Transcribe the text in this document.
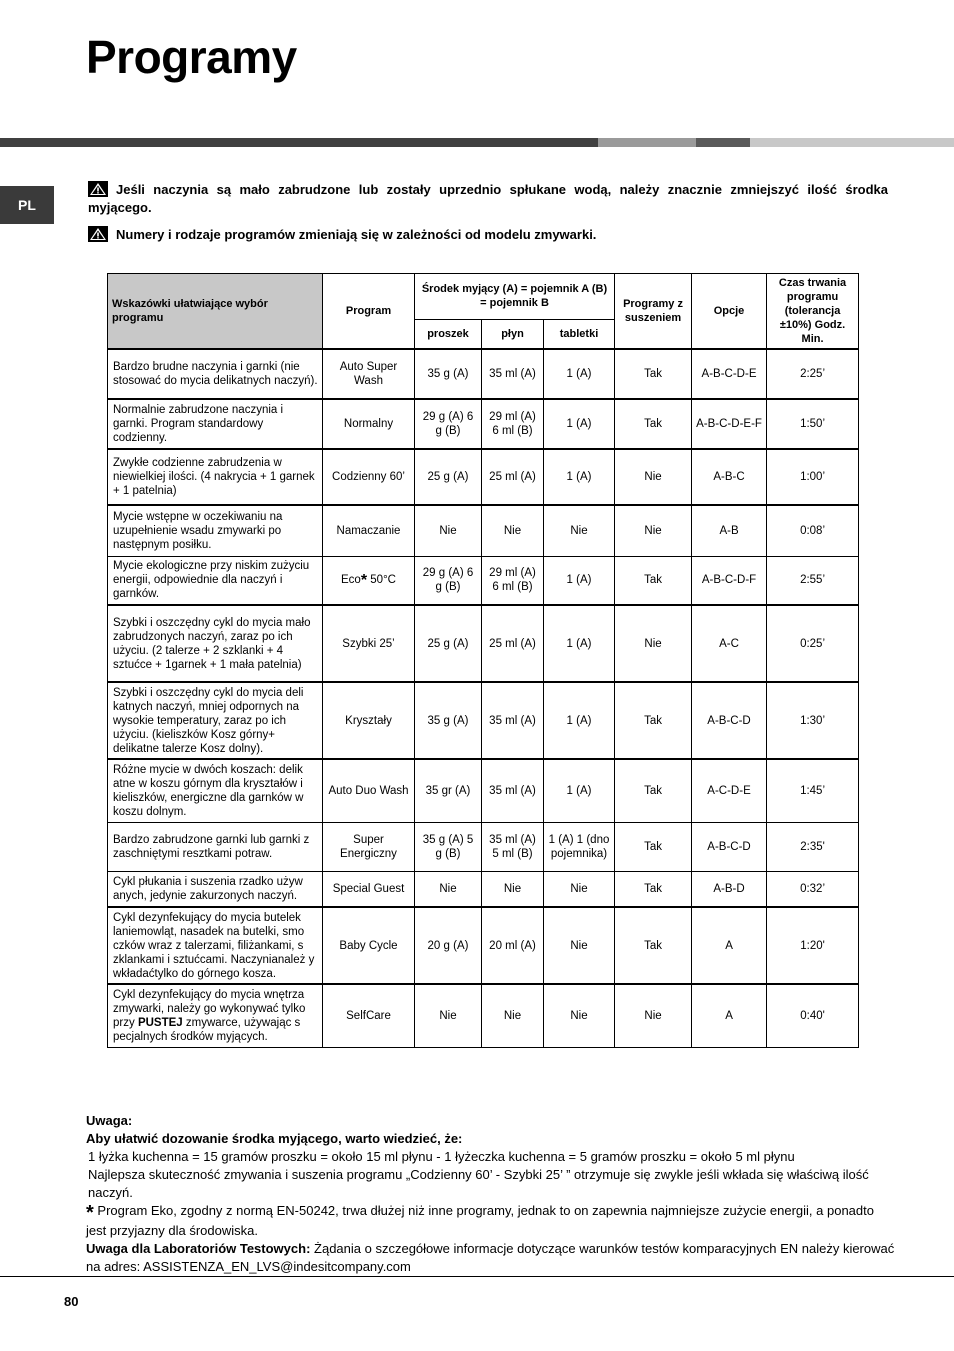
Programy
PL
Jeśli naczynia są mało zabrudzone lub zostały uprzednio spłukane wodą, należy znacznie zmniejszyć ilość środka myjącego.
Numery i rodzaje programów zmieniają się w zależności od modelu zmywarki.
Wskazówki ułatwiające wybór programu	Program	Środek myjący (A) = pojemnik A (B) = pojemnik B			Programy z suszeniem	Opcje	Czas trwania programu (tolerancja ±10%) Godz. Min.
		proszek	płyn	tabletki			
Bardzo brudne naczynia i garnki (nie stosować do mycia delikatnych naczyń).	Auto Super Wash	35 g (A)	35 ml (A)	1 (A)	Tak	A-B-C-D-E	2:25’
Normalnie zabrudzone naczynia i garnki. Program standardowy codzienny.	Normalny	29 g (A) 6 g (B)	29 ml (A) 6 ml (B)	1 (A)	Tak	A-B-C-D-E-F	1:50’
Zwykłe codzienne zabrudzenia w niewielkiej ilości. (4 nakrycia + 1 garnek + 1 patelnia)	Codzienny 60’	25 g (A)	25 ml (A)	1 (A)	Nie	A-B-C	1:00’
Mycie wstępne w oczekiwaniu na uzupełnienie wsadu zmywarki po następnym posiłku.	Namaczanie	Nie	Nie	Nie	Nie	A-B	0:08’
Mycie ekologiczne przy niskim zużyciu energii, odpowiednie dla naczyń i garnków.	Eco* 50°C	29 g (A) 6 g (B)	29 ml (A) 6 ml (B)	1 (A)	Tak	A-B-C-D-F	2:55’
Szybki i oszczędny cykl do mycia mało zabrudzonych naczyń, zaraz po ich użyciu. (2 talerze + 2 szklanki + 4 sztućce + 1garnek + 1 mała patelnia)	Szybki 25’	25 g (A)	25 ml (A)	1 (A)	Nie	A-C	0:25’
Szybki i oszczędny cykl do mycia deli katnych naczyń, mniej odpornych na wysokie temperatury, zaraz po ich użyciu. (kieliszków Kosz górny+ delikatne talerze Kosz dolny).	Kryształy	35 g (A)	35 ml (A)	1 (A)	Tak	A-B-C-D	1:30’
Różne mycie w dwóch koszach: delik atne w koszu górnym dla kryształów i kieliszków, energiczne dla garnków w koszu dolnym.	Auto Duo Wash	35 gr (A)	35 ml (A)	1 (A)	Tak	A-C-D-E	1:45’
Bardzo zabrudzone garnki lub garnki z zaschniętymi resztkami potraw.	Super Energiczny	35 g (A) 5 g (B)	35 ml (A) 5 ml (B)	1 (A) 1 (dno pojemnika)	Tak	A-B-C-D	2:35'
Cykl płukania i suszenia rzadko używ anych, jedynie zakurzonych naczyń.	Special Guest	Nie	Nie	Nie	Tak	A-B-D	0:32’
Cykl dezynfekujący do mycia butelek laniemowląt, nasadek na butelki, smo czków wraz z talerzami, filiżankami, s zklankami i sztućcami. Naczynianależ y wkładaćtylko do górnego kosza.	Baby Cycle	20 g (A)	20 ml (A)	Nie	Tak	A	1:20'
Cykl dezynfekujący do mycia wnętrza zmywarki, należy go wykonywać tylko przy PUSTEJ zmywarce, używając s pecjalnych środków myjących.	SelfCare	Nie	Nie	Nie	Nie	A	0:40'

Uwaga:

Aby ułatwić dozowanie środka myjącego, warto wiedzieć, że:

1 łyżka kuchenna = 15 gramów proszku = około 15 ml płynu - 1 łyżeczka kuchenna = 5 gramów proszku = około 5 ml płynu

Najlepsza skuteczność zmywania i suszenia programu „Codzienny 60’ - Szybki 25’ ” otrzymuje się zwykle jeśli wkłada się właściwą ilość naczyń.

* Program Eko, zgodny z normą EN-50242, trwa dłużej niż inne programy, jednak to on zapewnia najmniejsze zużycie energii, a ponadto jest przyjazny dla środowiska.

Uwaga dla Laboratoriów Testowych: Żądania o szczegółowe informacje dotyczące warunków testów komparacyjnych EN należy kierować na adres: ASSISTENZA_EN_LVS@indesitcompany.com

80
